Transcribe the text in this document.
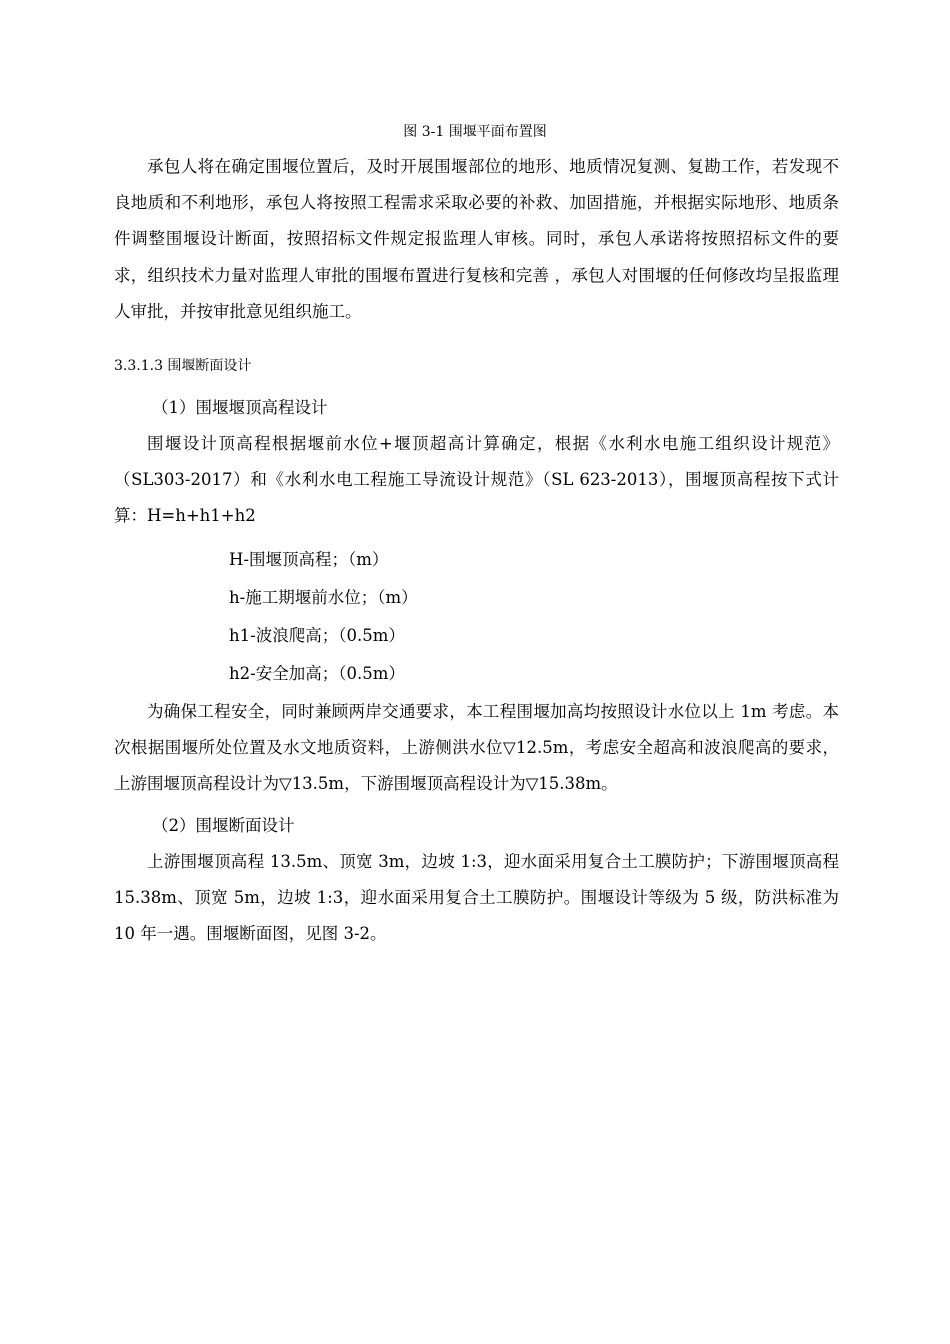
图 3-1 围堰平面布置图

承包人将在确定围堰位置后，及时开展围堰部位的地形、地质情况复测、复勘工作，若发现不良地质和不利地形，承包人将按照工程需求采取必要的补救、加固措施，并根据实际地形、地质条件调整围堰设计断面，按照招标文件规定报监理人审核。同时，承包人承诺将按照招标文件的要求，组织技术力量对监理人审批的围堰布置进行复核和完善 ，承包人对围堰的任何修改均呈报监理人审批，并按审批意见组织施工。

3.3.1.3 围堰断面设计
（1）围堰堰顶高程设计

围堰设计顶高程根据堰前水位+堰顶超高计算确定，根据《水利水电施工组织设计规范》 （SL303-2017）和《水利水电工程施工导流设计规范》（SL 623-2013），围堰顶高程按下式计算：H=h+h1+h2

H-围堰顶高程；（m）
h-施工期堰前水位；（m）
h1-波浪爬高；（0.5m）
h2-安全加高；（0.5m）

为确保工程安全，同时兼顾两岸交通要求，本工程围堰加高均按照设计水位以上 1m 考虑。本次根据围堰所处位置及水文地质资料，上游侧洪水位▽12.5m，考虑安全超高和波浪爬高的要求，上游围堰顶高程设计为▽13.5m，下游围堰顶高程设计为▽15.38m。

（2）围堰断面设计

上游围堰顶高程 13.5m、顶宽 3m，边坡 1:3，迎水面采用复合土工膜防护；下游围堰顶高程 15.38m、顶宽 5m，边坡 1:3，迎水面采用复合土工膜防护。围堰设计等级为 5 级，防洪标准为 10 年一遇。围堰断面图，见图 3-2。
